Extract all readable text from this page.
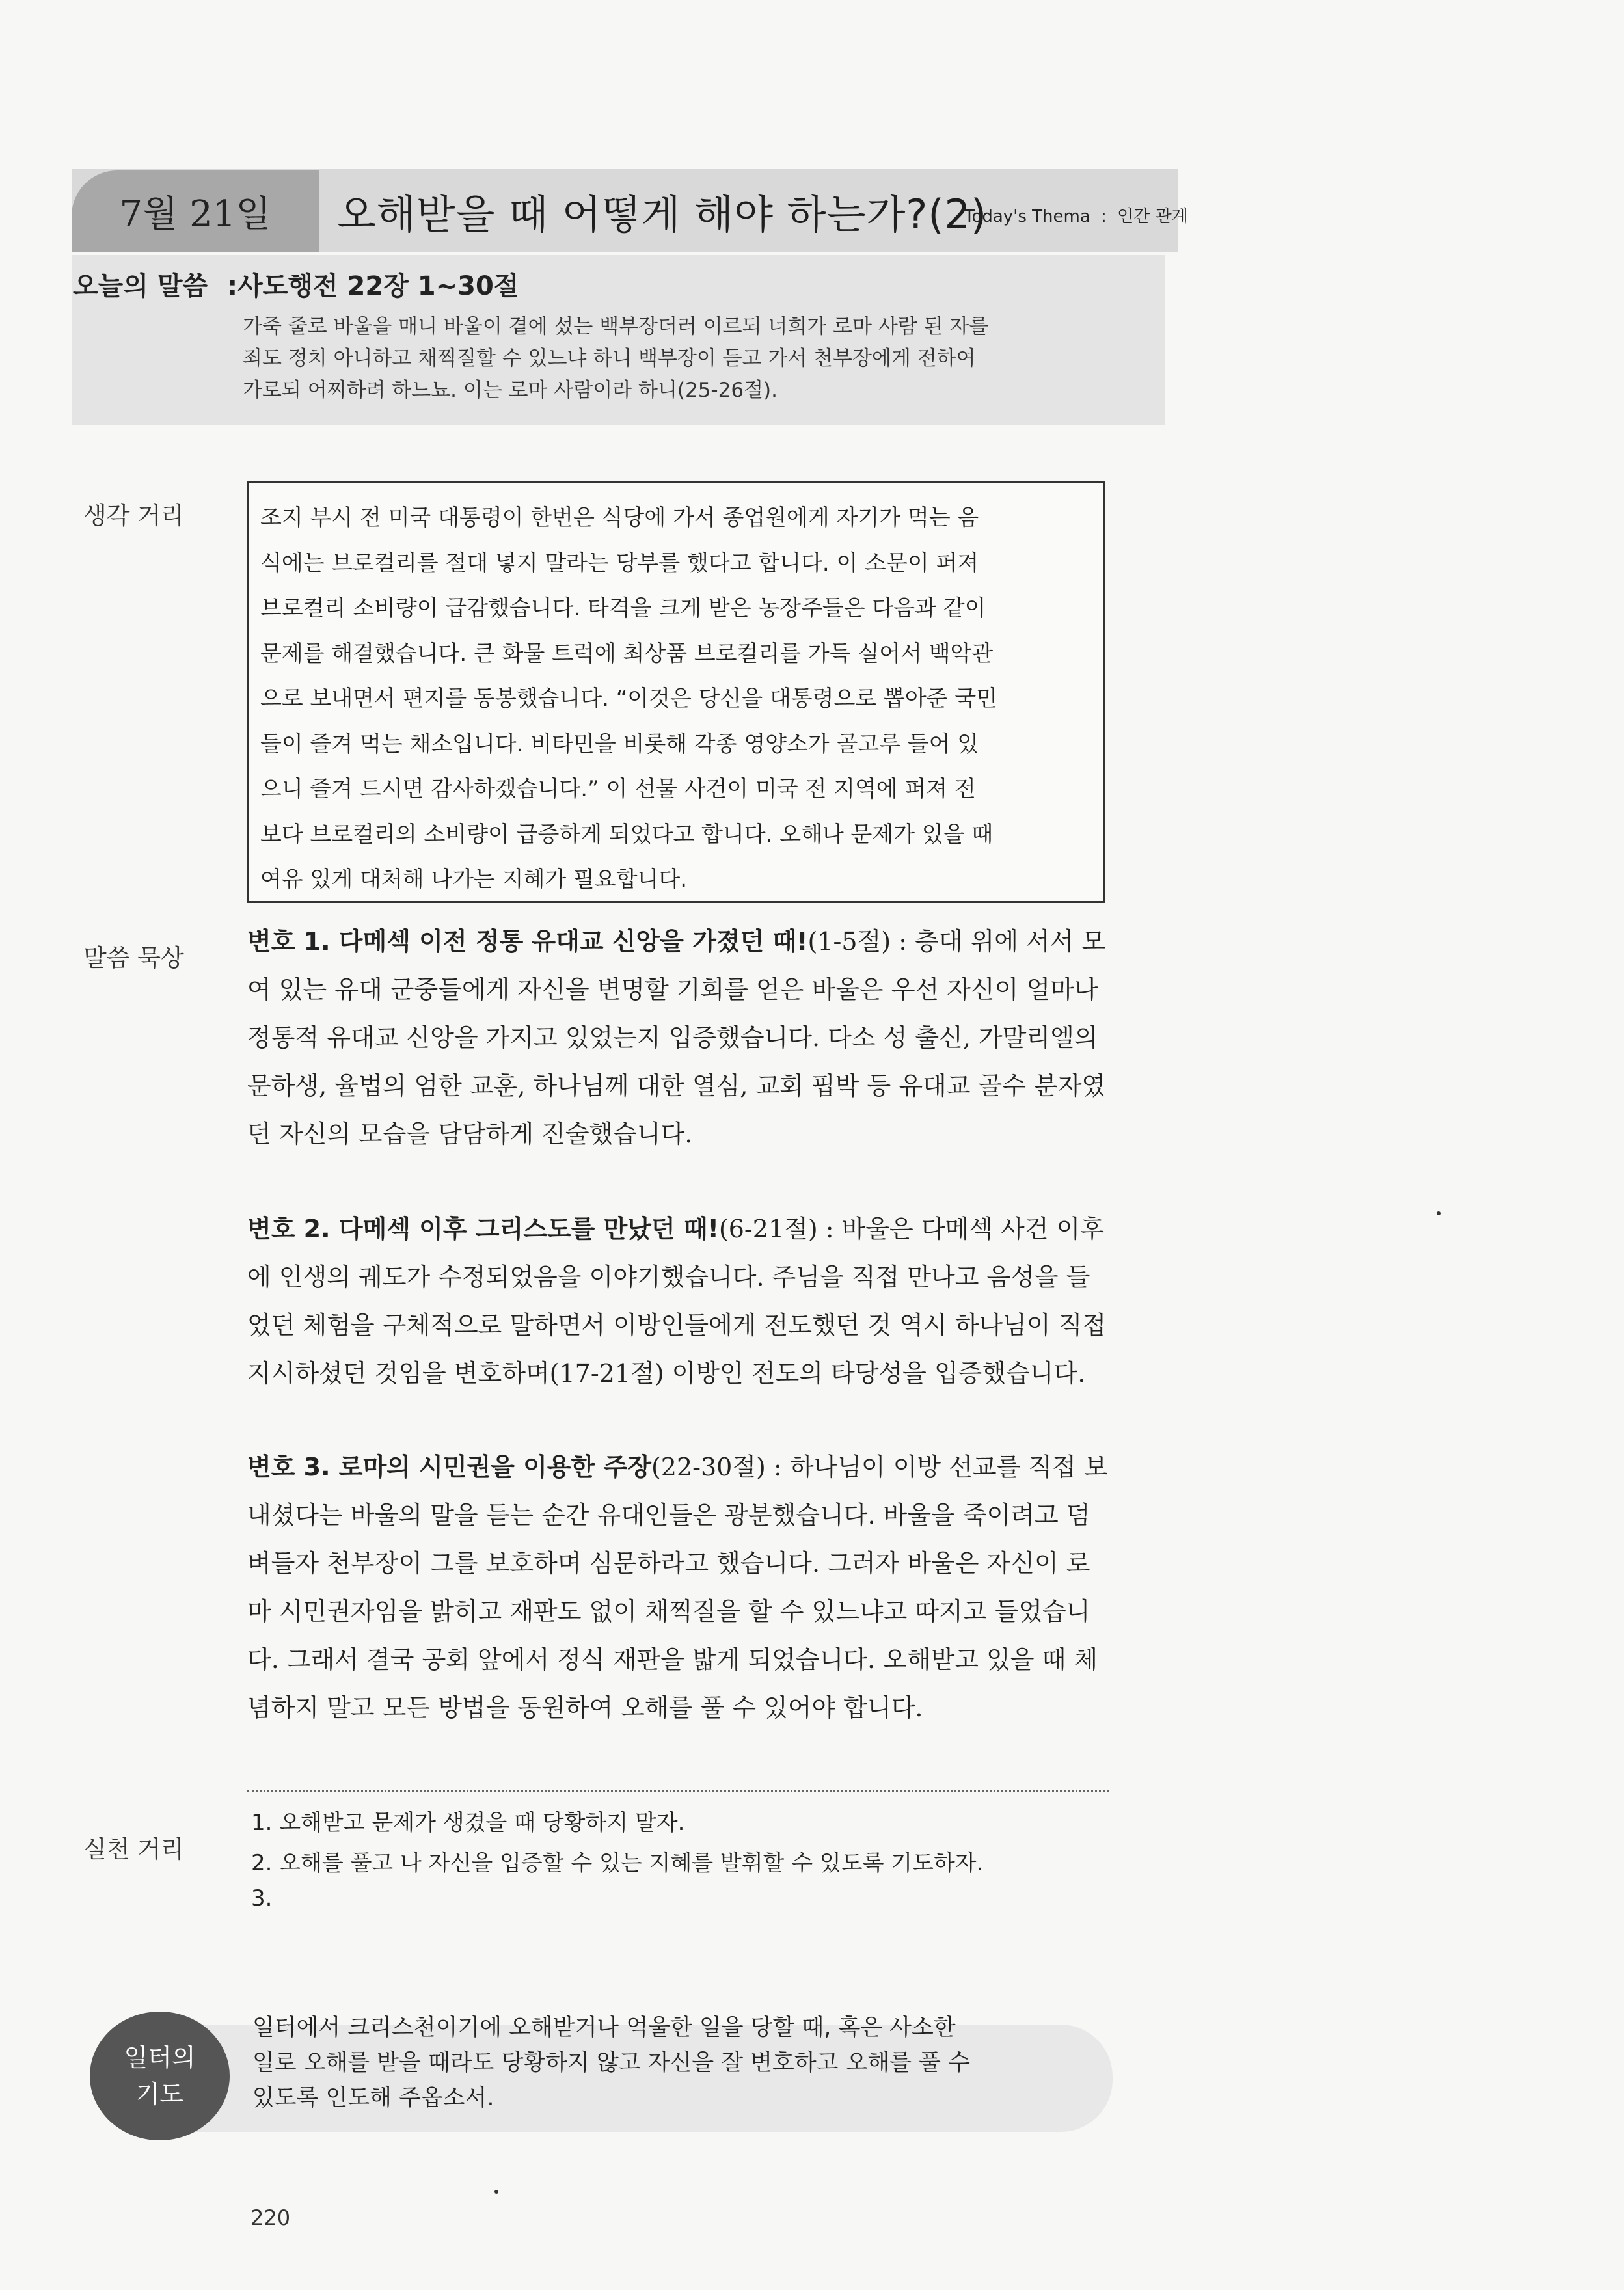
7월 21일	오해받을 때 어떻게 해야 하는가?(2)
Today's Thema : 인간 관계
오늘의 말씀 :사도행전 22장 1~30절
가죽 줄로 바울을 매니 바울이 곁에 섰는 백부장더러 이르되 너희가 로마 사람 된 자를
죄도 정치 아니하고 채찍질할 수 있느냐 하니 백부장이 듣고 가서 천부장에게 전하여
가로되 어찌하려 하느뇨. 이는 로마 사람이라 하니(25-26절).
생각 거리	조지 부시 전 미국 대통령이 한번은 식당에 가서 종업원에게 자기가 먹는 음
식에는 브로컬리를 절대 넣지 말라는 당부를 했다고 합니다. 이 소문이 퍼져
브로컬리 소비량이 급감했습니다. 타격을 크게 받은 농장주들은 다음과 같이
문제를 해결했습니다. 큰 화물 트럭에 최상품 브로컬리를 가득 실어서 백악관
으로 보내면서 편지를 동봉했습니다. “이것은 당신을 대통령으로 뽑아준 국민
들이 즐겨 먹는 채소입니다. 비타민을 비롯해 각종 영양소가 골고루 들어 있
으니 즐겨 드시면 감사하겠습니다.” 이 선물 사건이 미국 전 지역에 퍼져 전
보다 브로컬리의 소비량이 급증하게 되었다고 합니다. 오해나 문제가 있을 때
여유 있게 대처해 나가는 지혜가 필요합니다.
말씀 묵상
변호 1. 다메섹 이전 정통 유대교 신앙을 가졌던 때!(1-5절) : 층대 위에 서서 모여 있는 유대 군중들에게 자신을 변명할 기회를 얻은 바울은 우선 자신이 얼마나 정통적 유대교 신앙을 가지고 있었는지 입증했습니다. 다소 성 출신, 가말리엘의 문하생, 율법의 엄한 교훈, 하나님께 대한 열심, 교회 핍박 등 유대교 골수 분자였던 자신의 모습을 담담하게 진술했습니다.
변호 2. 다메섹 이후 그리스도를 만났던 때!(6-21절) : 바울은 다메섹 사건 이후에 인생의 궤도가 수정되었음을 이야기했습니다. 주님을 직접 만나고 음성을 들었던 체험을 구체적으로 말하면서 이방인들에게 전도했던 것 역시 하나님이 직접 지시하셨던 것임을 변호하며(17-21절) 이방인 전도의 타당성을 입증했습니다.
변호 3. 로마의 시민권을 이용한 주장(22-30절) : 하나님이 이방 선교를 직접 보내셨다는 바울의 말을 듣는 순간 유대인들은 광분했습니다. 바울을 죽이려고 덤벼들자 천부장이 그를 보호하며 심문하라고 했습니다. 그러자 바울은 자신이 로마 시민권자임을 밝히고 재판도 없이 채찍질을 할 수 있느냐고 따지고 들었습니다. 그래서 결국 공회 앞에서 정식 재판을 밟게 되었습니다. 오해받고 있을 때 체념하지 말고 모든 방법을 동원하여 오해를 풀 수 있어야 합니다.
실천 거리
1. 오해받고 문제가 생겼을 때 당황하지 말자.
2. 오해를 풀고 나 자신을 입증할 수 있는 지혜를 발휘할 수 있도록 기도하자.
3.
일터의
기도
일터에서 크리스천이기에 오해받거나 억울한 일을 당할 때, 혹은 사소한
일로 오해를 받을 때라도 당황하지 않고 자신을 잘 변호하고 오해를 풀 수
있도록 인도해 주옵소서.
220
